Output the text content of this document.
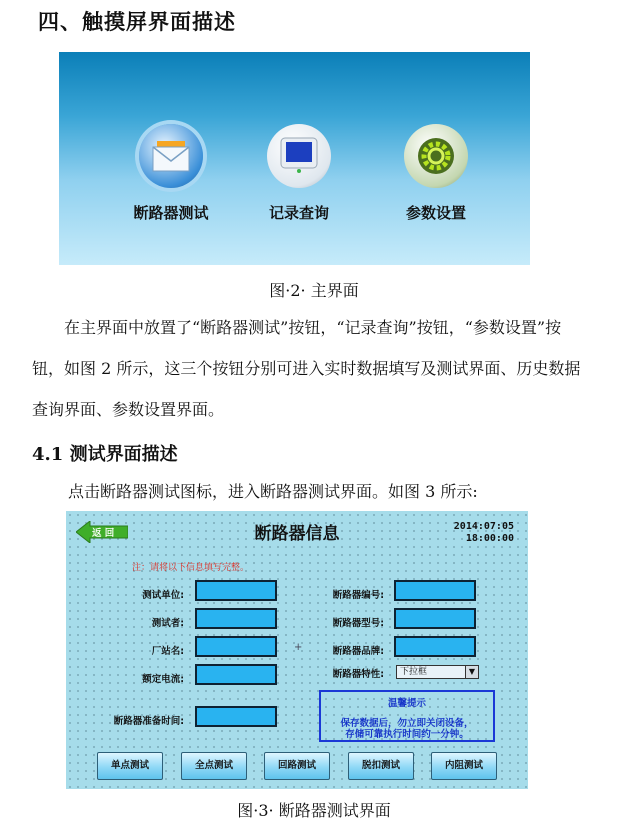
四、触摸屏界面描述
断路器测试	记录查询	参数设置
图·2· 主界面
在主界面中放置了“断路器测试”按钮，“记录查询”按钮，“参数设置”按钮，如图 2 所示，这三个按钮分别可进入实时数据填写及测试界面、历史数据查询界面、参数设置界面。
4.1 测试界面描述
点击断路器测试图标，进入断路器测试界面。如图 3 所示:
返 回	断路器信息	2014:07:05
18:00:00
注：请将以下信息填写完整。
测试单位:
测试者:
厂站名:
额定电流:
断路器准备时间:
+
断路器编号:
断路器型号:
断路器品牌:
断路器特性:	下拉框	▼
温馨提示
保存数据后，勿立即关闭设备，
存储可靠执行时间约一分钟。
单点测试	全点测试	回路测试	脱扣测试	内阻测试
图·3· 断路器测试界面
